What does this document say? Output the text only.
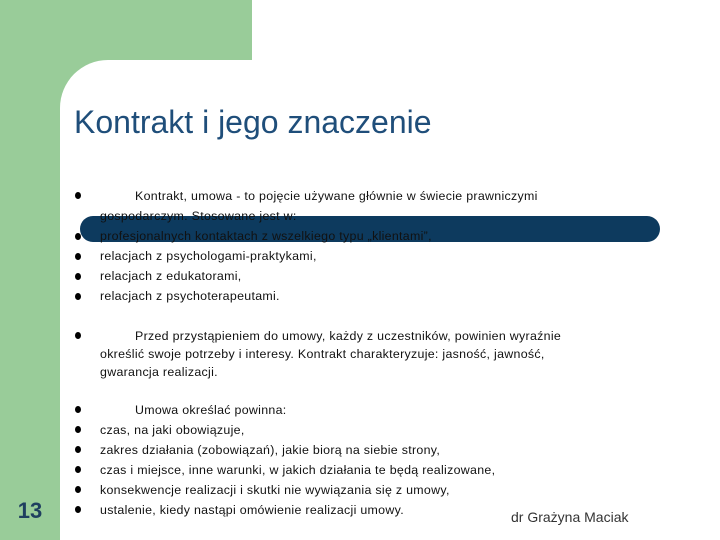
Kontrakt i jego znaczenie
Kontrakt, umowa - to pojęcie używane głównie w świecie prawniczymi
gospodarczym. Stosowane jest w:
profesjonalnych kontaktach z wszelkiego typu „klientami”,
relacjach z psychologami-praktykami,
relacjach z edukatorami,
relacjach z psychoterapeutami.
Przed przystąpieniem do umowy, każdy z uczestników, powinien wyraźnie
określić swoje potrzeby i interesy. Kontrakt charakteryzuje: jasność, jawność,
gwarancja realizacji.
Umowa określać powinna:
czas, na jaki obowiązuje,
zakres działania (zobowiązań), jakie biorą na siebie strony,
czas i miejsce, inne warunki, w jakich działania te będą realizowane,
konsekwencje realizacji i skutki nie wywiązania się z umowy,
ustalenie, kiedy nastąpi omówienie realizacji umowy.
13	dr Grażyna Maciak
